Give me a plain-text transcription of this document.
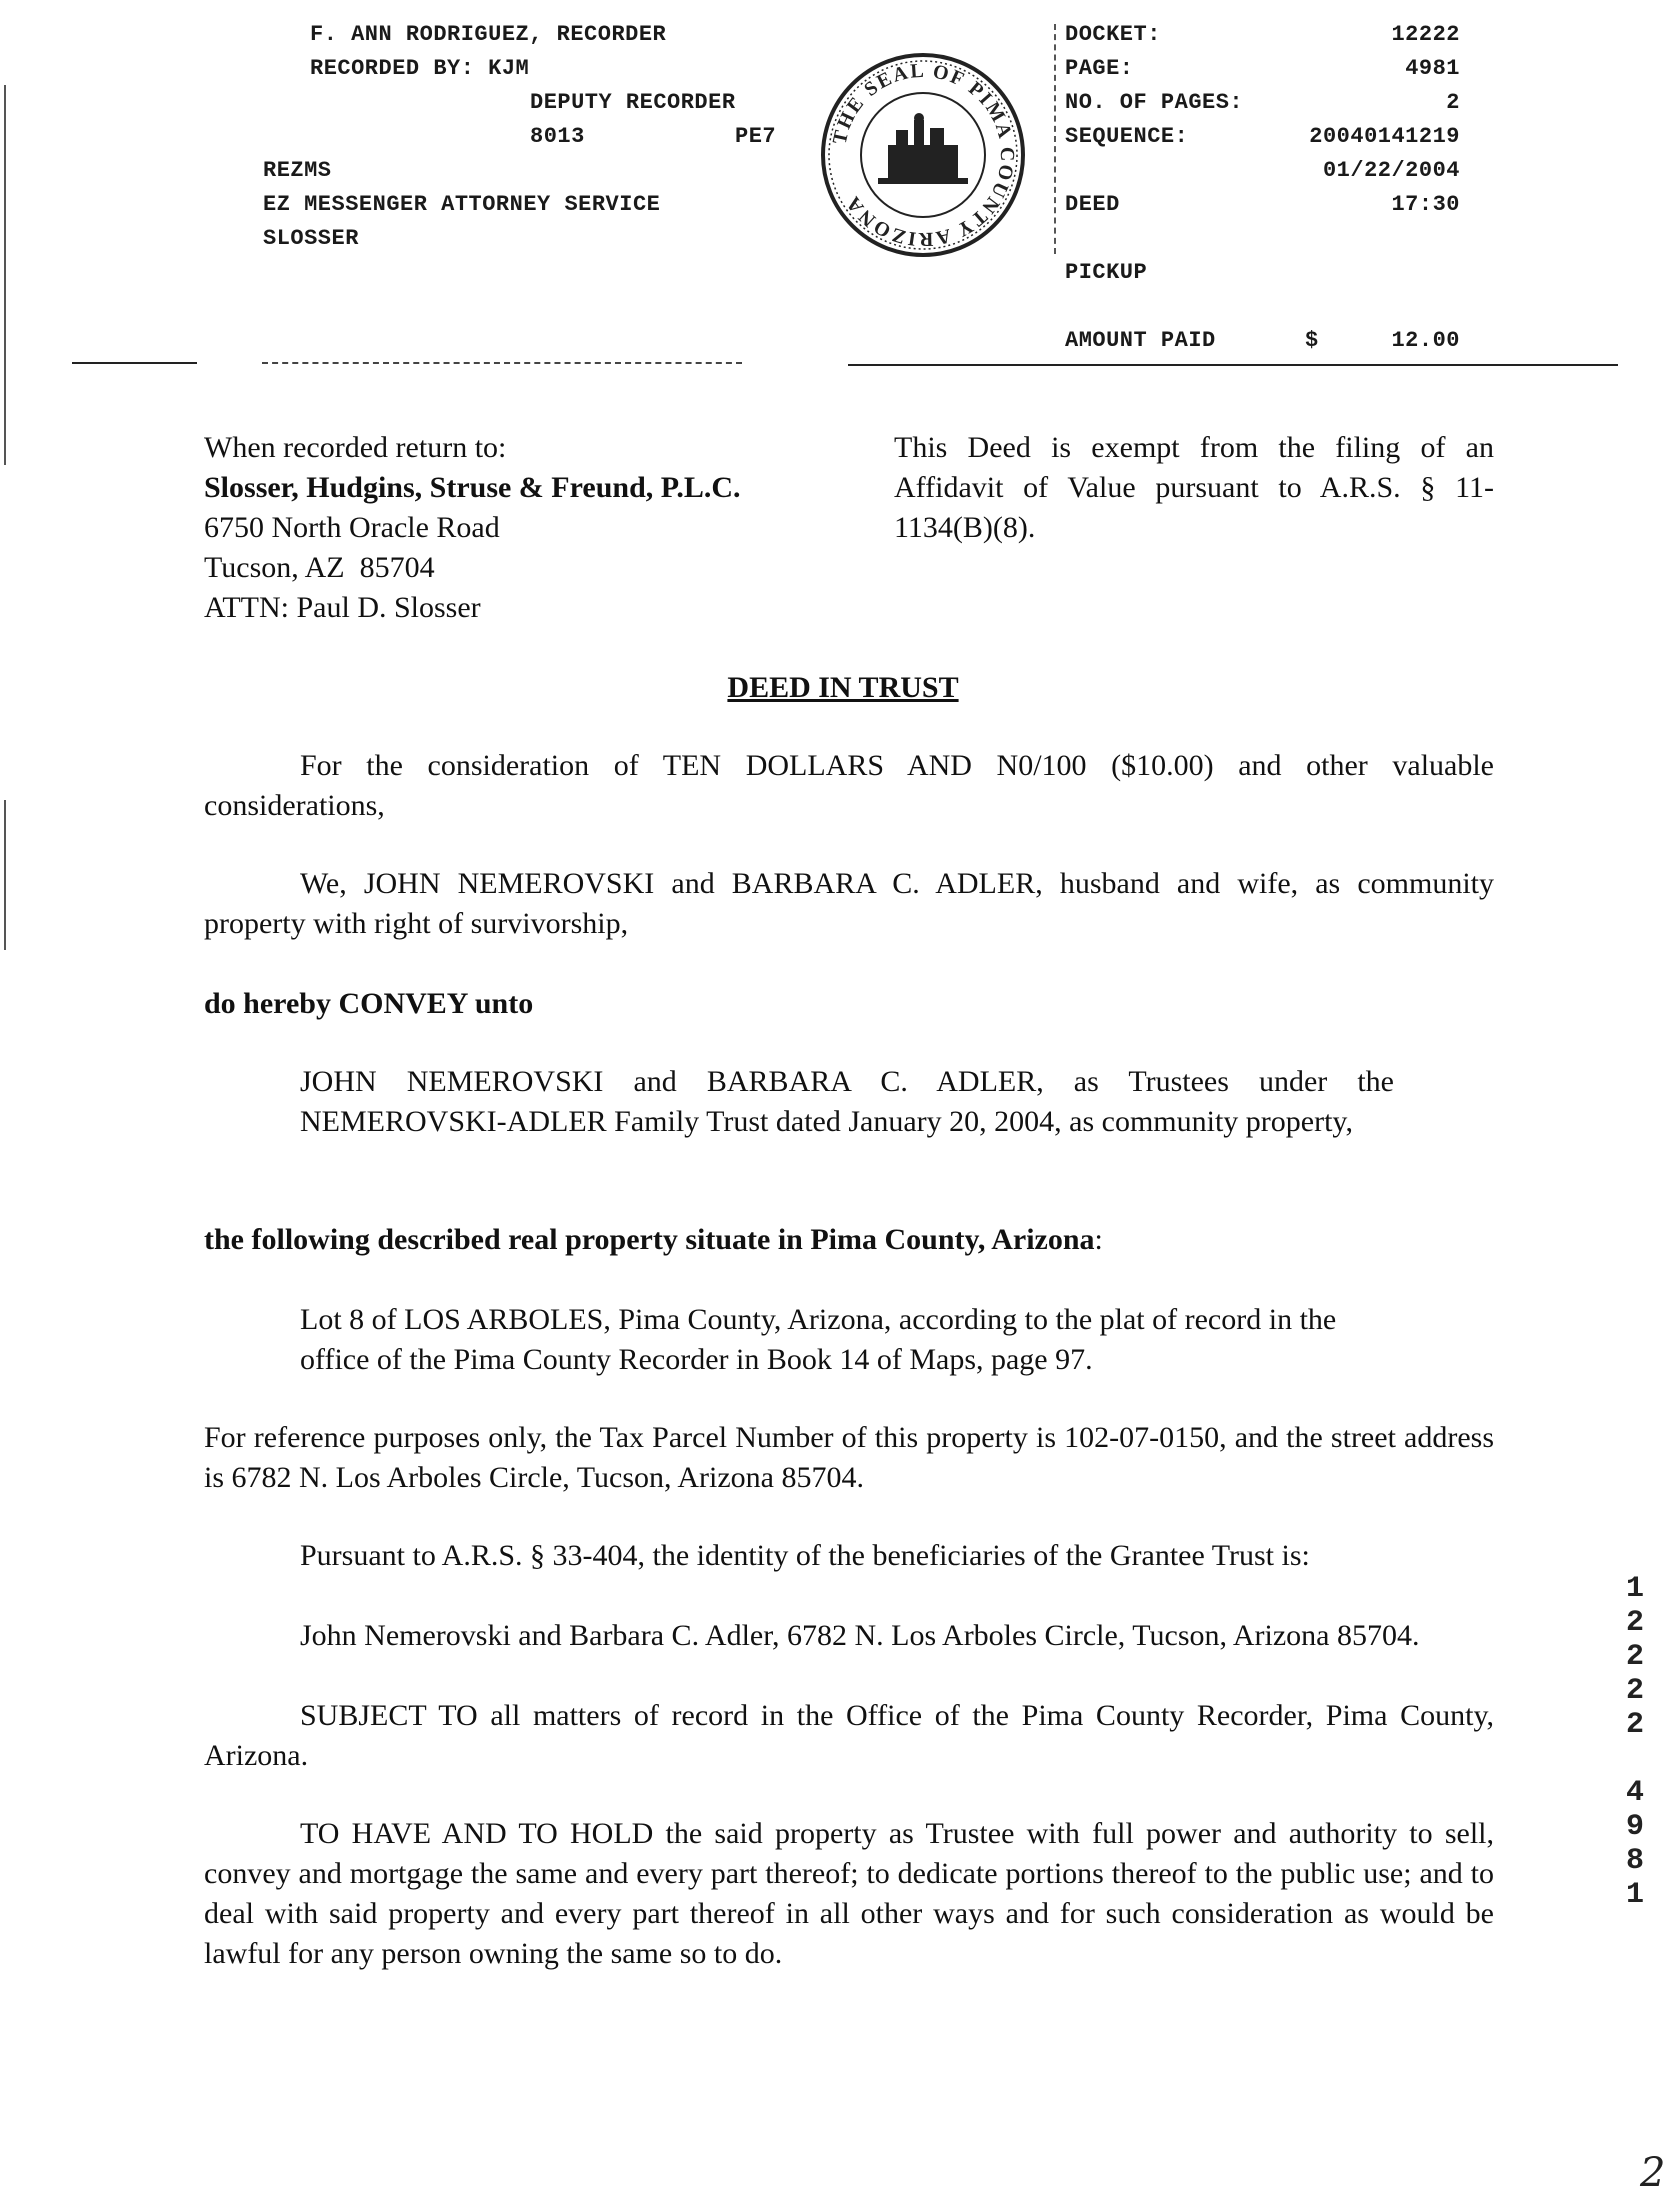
F. ANN RODRIGUEZ, RECORDER
RECORDED BY: KJM
DEPUTY RECORDER
8013	PE7
REZMS
EZ MESSENGER ATTORNEY SERVICE
SLOSSER
THE SEAL OF PIMA COUNTY ARIZONA
DOCKET:	12222
PAGE:	4981
NO. OF PAGES:	2
SEQUENCE:	20040141219
01/22/2004
DEED	17:30
PICKUP
AMOUNT PAID	$	12.00
When recorded return to:
Slosser, Hudgins, Struse & Freund, P.L.C.
6750 North Oracle Road
Tucson, AZ  85704
ATTN: Paul D. Slosser
This Deed is exempt from the filing of an
Affidavit of Value pursuant to A.R.S. § 11-
1134(B)(8).
DEED IN TRUST
For the consideration of TEN DOLLARS AND N0/100 ($10.00) and other valuable considerations,
We, JOHN NEMEROVSKI and BARBARA C. ADLER, husband and wife, as community property with right of survivorship,
do hereby CONVEY unto
JOHN NEMEROVSKI and BARBARA C. ADLER, as Trustees under the NEMEROVSKI-ADLER Family Trust dated January 20, 2004, as community property,
the following described real property situate in Pima County, Arizona:
Lot 8 of LOS ARBOLES, Pima County, Arizona, according to the plat of record in the office of the Pima County Recorder in Book 14 of Maps, page 97.
For reference purposes only, the Tax Parcel Number of this property is 102-07-0150, and the street address is 6782 N. Los Arboles Circle, Tucson, Arizona 85704.
Pursuant to A.R.S. § 33-404, the identity of the beneficiaries of the Grantee Trust is:
John Nemerovski and Barbara C. Adler, 6782 N. Los Arboles Circle, Tucson, Arizona 85704.
SUBJECT TO all matters of record in the Office of the Pima County Recorder, Pima County, Arizona.
TO HAVE AND TO HOLD the said property as Trustee with full power and authority to sell, convey and mortgage the same and every part thereof; to dedicate portions thereof to the public use; and to deal with said property and every part thereof in all other ways and for such consideration as would be lawful for any person owning the same so to do.
1
2
2
2
2
4
9
8
1
2
